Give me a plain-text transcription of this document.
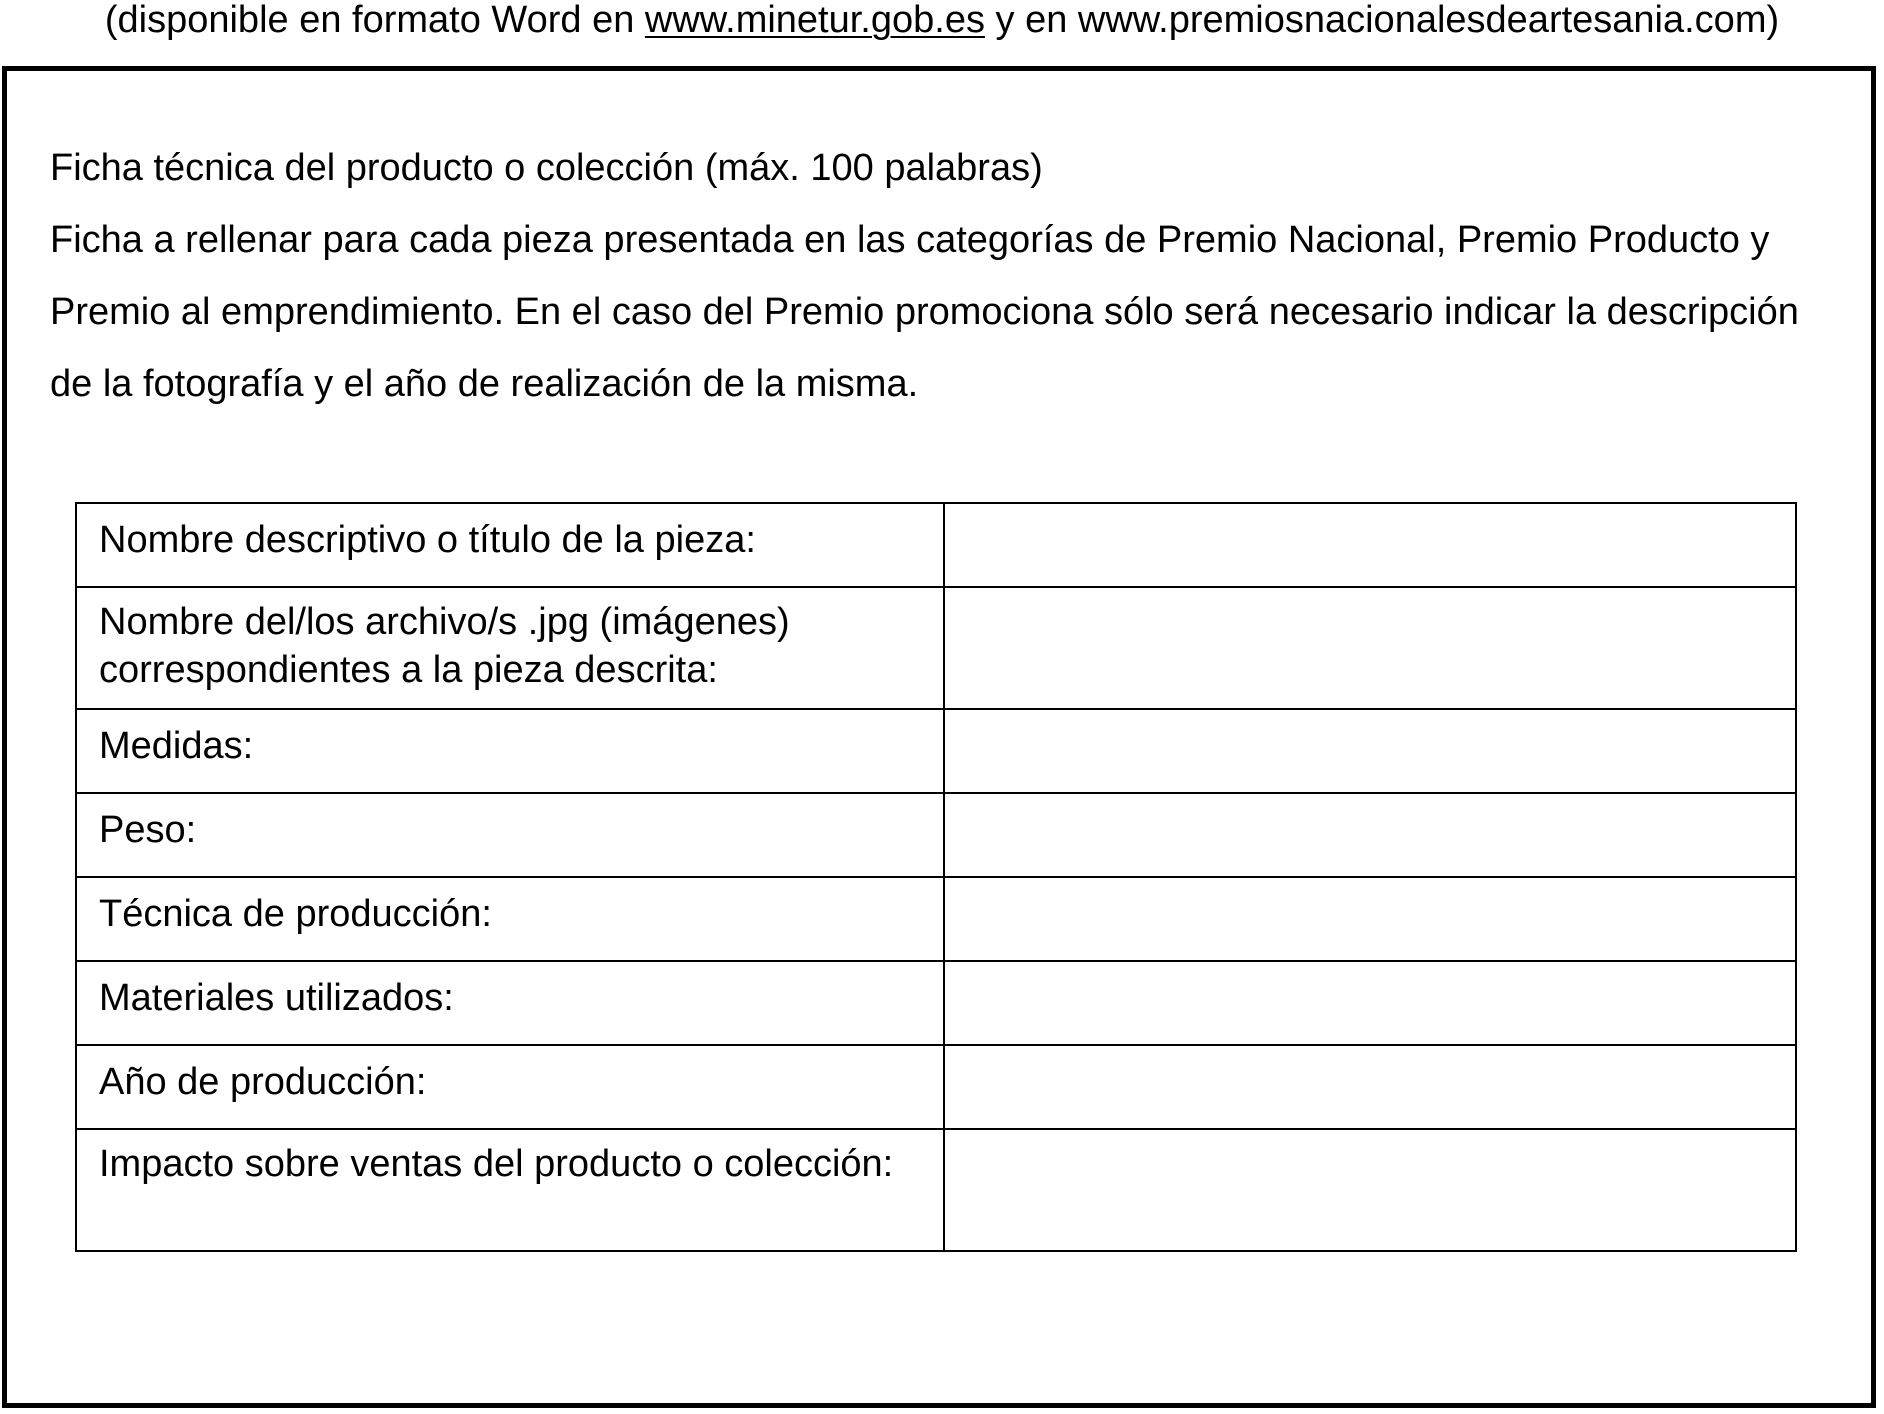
(disponible en formato Word en www.minetur.gob.es y en www.premiosnacionalesdeartesania.com)

Ficha técnica del producto o colección (máx. 100 palabras)

Ficha a rellenar para cada pieza presentada en las categorías de Premio Nacional, Premio Producto y Premio al emprendimiento. En el caso del Premio promociona sólo será necesario indicar la descripción de la fotografía y el año de realización de la misma.

Nombre descriptivo o título de la pieza:	
Nombre del/los archivo/s .jpg (imágenes) correspondientes a la pieza descrita:	
Medidas:	
Peso:	
Técnica de producción:	
Materiales utilizados:	
Año de producción:	
Impacto sobre ventas del producto o colección:	
